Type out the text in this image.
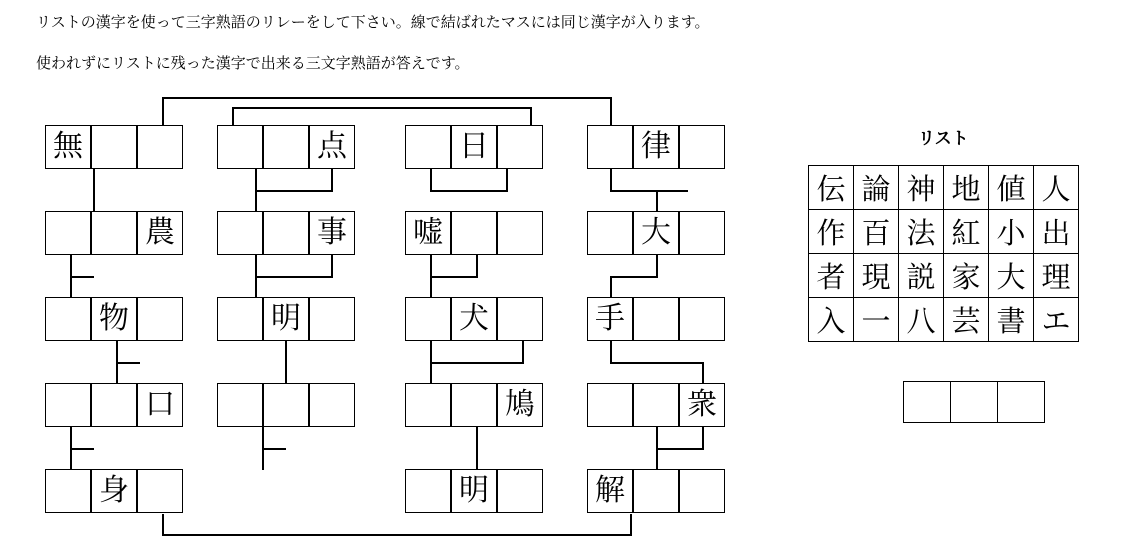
リストの漢字を使って三字熟語のリレーをして下さい。線で結ばれたマスには同じ漢字が入ります。
使われずにリストに残った漢字で出来る三文字熟語が答えです。
無
農
物
口
身
点
事
明
日
嘘
犬
鳩
明
律
大
手
衆
解
リスト
伝	論	神	地	値	人
作	百	法	紅	小	出
者	現	説	家	大	理
入	一	八	芸	書	エ
